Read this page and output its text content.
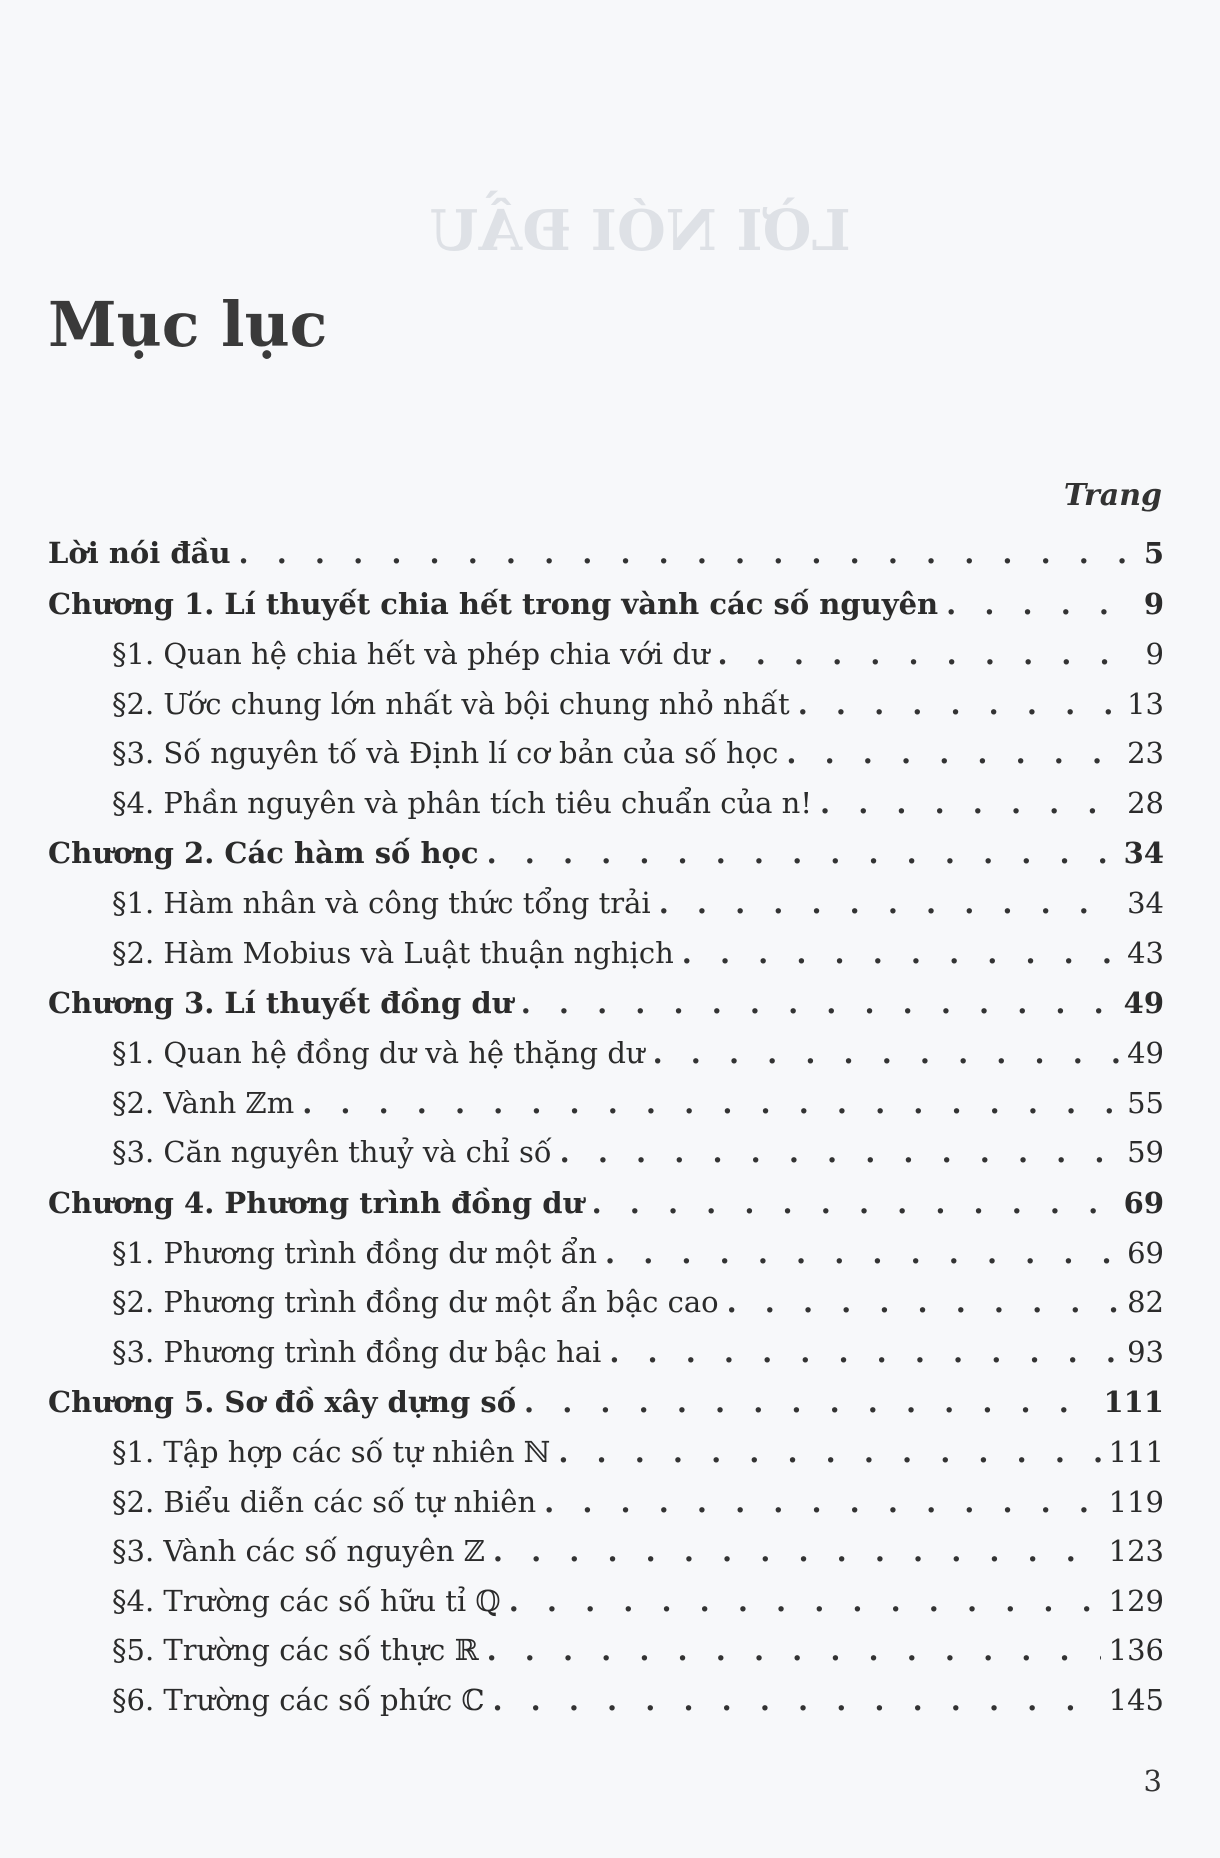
LỜI NÓI ĐẦU
Mục lục
Trang
Lời nói đầu . . .	5
Chương 1. Lí thuyết chia hết trong vành các số nguyên . . .	9
§1. Quan hệ chia hết và phép chia với dư . . .	9
§2. Ước chung lớn nhất và bội chung nhỏ nhất . . .	13
§3. Số nguyên tố và Định lí cơ bản của số học . . .	23
§4. Phần nguyên và phân tích tiêu chuẩn của n! . . .	28
Chương 2. Các hàm số học . . .	34
§1. Hàm nhân và công thức tổng trải . . .	34
§2. Hàm Mobius và Luật thuận nghịch . . .	43
Chương 3. Lí thuyết đồng dư . . .	49
§1. Quan hệ đồng dư và hệ thặng dư . . .	49
§2. Vành ℤm . . .	55
§3. Căn nguyên thuỷ và chỉ số . . .	59
Chương 4. Phương trình đồng dư . . .	69
§1. Phương trình đồng dư một ẩn . . .	69
§2. Phương trình đồng dư một ẩn bậc cao . . .	82
§3. Phương trình đồng dư bậc hai . . .	93
Chương 5. Sơ đồ xây dựng số . . .	111
§1. Tập hợp các số tự nhiên ℕ . . .	111
§2. Biểu diễn các số tự nhiên . . .	119
§3. Vành các số nguyên ℤ . . .	123
§4. Trường các số hữu tỉ ℚ . . .	129
§5. Trường các số thực ℝ . . .	136
§6. Trường các số phức ℂ . . .	145
3
